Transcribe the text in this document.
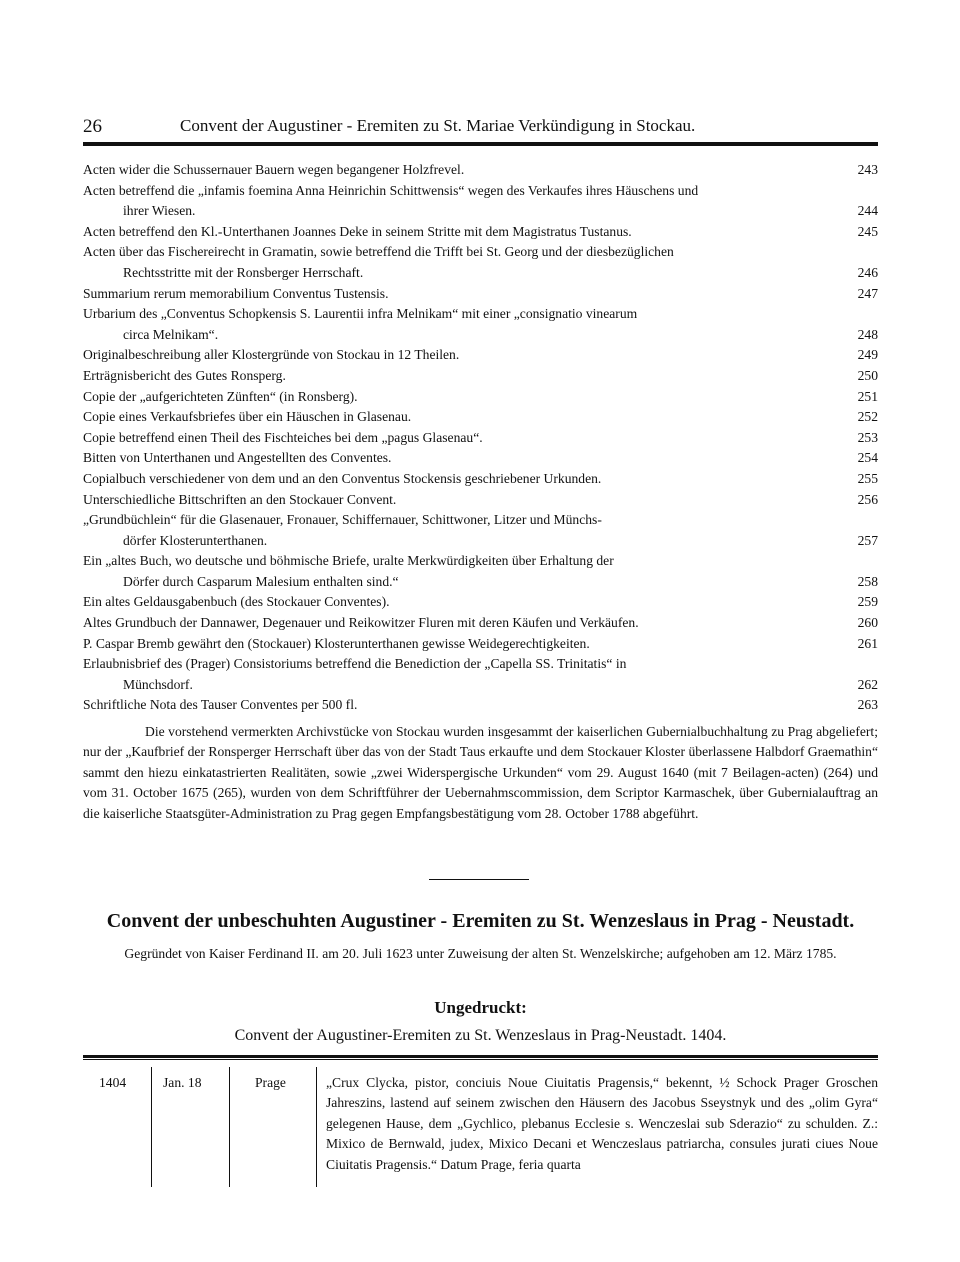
26	Convent der Augustiner - Eremiten zu St. Mariae Verkündigung in Stockau.
Acten wider die Schussernauer Bauern wegen begangener Holzfrevel.	243
Acten betreffend die „infamis foemina Anna Heinrichin Schittwensis“ wegen des Verkaufes ihres Häuschens und
ihrer Wiesen.	244
Acten betreffend den Kl.-Unterthanen Joannes Deke in seinem Stritte mit dem Magistratus Tustanus.	245
Acten über das Fischereirecht in Gramatin, sowie betreffend die Trifft bei St. Georg und der diesbezüglichen
Rechtsstritte mit der Ronsberger Herrschaft.	246
Summarium rerum memorabilium Conventus Tustensis.	247
Urbarium des „Conventus Schopkensis S. Laurentii infra Melnikam“ mit einer „consignatio vinearum
circa Melnikam“.	248
Originalbeschreibung aller Klostergründe von Stockau in 12 Theilen.	249
Erträgnisbericht des Gutes Ronsperg.	250
Copie der „aufgerichteten Zünften“ (in Ronsberg).	251
Copie eines Verkaufsbriefes über ein Häuschen in Glasenau.	252
Copie betreffend einen Theil des Fischteiches bei dem „pagus Glasenau“.	253
Bitten von Unterthanen und Angestellten des Conventes.	254
Copialbuch verschiedener von dem und an den Conventus Stockensis geschriebener Urkunden.	255
Unterschiedliche Bittschriften an den Stockauer Convent.	256
„Grundbüchlein“ für die Glasenauer, Fronauer, Schiffernauer, Schittwoner, Litzer und Münchs-
dörfer Klosterunterthanen.	257
Ein „altes Buch, wo deutsche und böhmische Briefe, uralte Merkwürdigkeiten über Erhaltung der
Dörfer durch Casparum Malesium enthalten sind.“	258
Ein altes Geldausgabenbuch (des Stockauer Conventes).	259
Altes Grundbuch der Dannawer, Degenauer und Reikowitzer Fluren mit deren Käufen und Verkäufen.	260
P. Caspar Bremb gewährt den (Stockauer) Klosterunterthanen gewisse Weidegerechtigkeiten.	261
Erlaubnisbrief des (Prager) Consistoriums betreffend die Benediction der „Capella SS. Trinitatis“ in
Münchsdorf.	262
Schriftliche Nota des Tauser Conventes per 500 fl.	263

Die vorstehend vermerkten Archivstücke von Stockau wurden insgesammt der kaiserlichen Gubernialbuchhaltung zu Prag abgeliefert; nur der „Kaufbrief der Ronsperger Herrschaft über das von der Stadt Taus erkaufte und dem Stockauer Kloster überlassene Halbdorf Graemathin“ sammt den hiezu einkatastrierten Realitäten, sowie „zwei Widerspergische Urkunden“ vom 29. August 1640 (mit 7 Beilagen-acten) (264) und vom 31. October 1675 (265), wurden von dem Schriftführer der Uebernahmscommission, dem Scriptor Karmaschek, über Gubernialauftrag an die kaiserliche Staatsgüter-Administration zu Prag gegen Empfangsbestätigung vom 28. October 1788 abgeführt.

Convent der unbeschuhten Augustiner - Eremiten zu St. Wenzeslaus in Prag - Neustadt.
Gegründet von Kaiser Ferdinand II. am 20. Juli 1623 unter Zuweisung der alten St. Wenzelskirche; aufgehoben am 12. März 1785.
Ungedruckt:
Convent der Augustiner-Eremiten zu St. Wenzeslaus in Prag-Neustadt. 1404.
1404	Jan. 18	Prage	„Crux Clycka, pistor, conciuis Noue Ciuitatis Pragensis,“ bekennt, ½ Schock Prager Groschen Jahreszins, lastend auf seinem zwischen den Häusern des Jacobus Sseystnyk und des „olim Gyra“ gelegenen Hause, dem „Gychlico, plebanus Ecclesie s. Wenczeslai sub Sderazio“ zu schulden. Z.: Mixico de Bernwald, judex, Mixico Decani et Wenczeslaus patriarcha, consules jurati ciues Noue Ciuitatis Pragensis.“ Datum Prage, feria quarta
